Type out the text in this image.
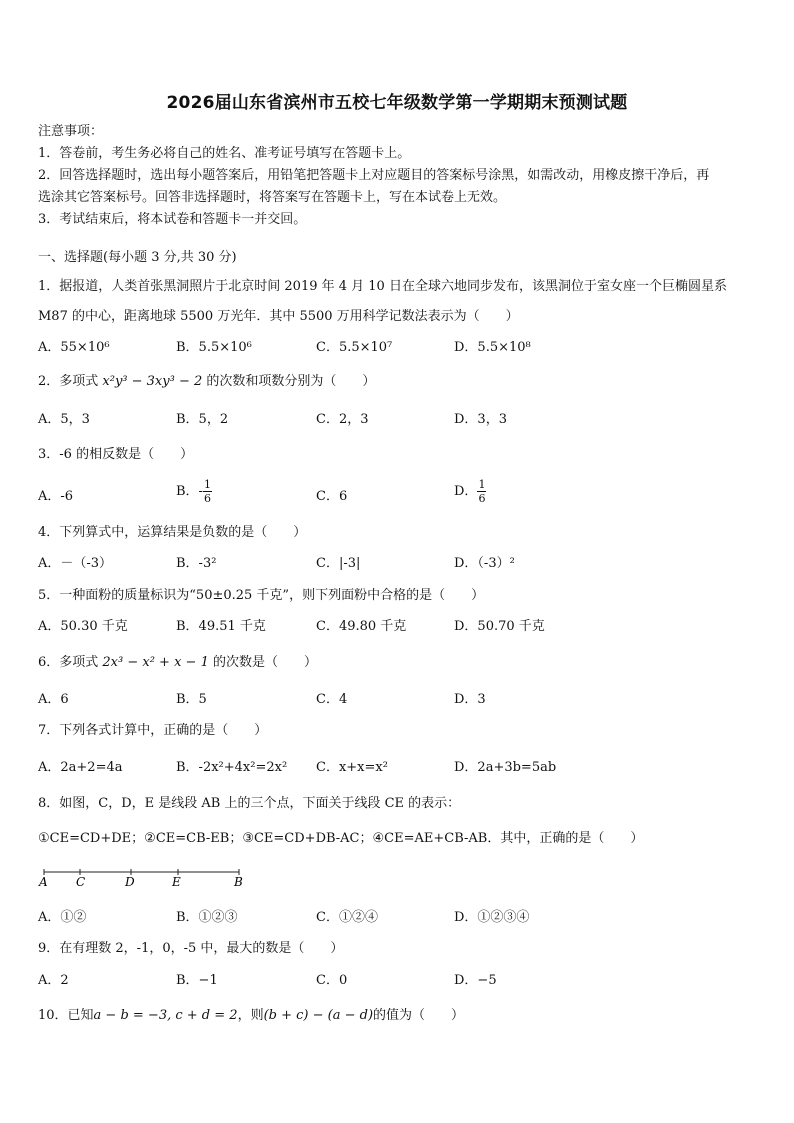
2026届山东省滨州市五校七年级数学第一学期期末预测试题
注意事项：
1．答卷前，考生务必将自己的姓名、准考证号填写在答题卡上。
2．回答选择题时，选出每小题答案后，用铅笔把答题卡上对应题目的答案标号涂黑，如需改动，用橡皮擦干净后，再
选涂其它答案标号。回答非选择题时，将答案写在答题卡上，写在本试卷上无效。
3．考试结束后，将本试卷和答题卡一并交回。
一、选择题(每小题 3 分,共 30 分)
1．据报道，人类首张黑洞照片于北京时间 2019 年 4 月 10 日在全球六地同步发布，该黑洞位于室女座一个巨椭圆星系
M87 的中心，距离地球 5500 万光年．其中 5500 万用科学记数法表示为（　　）
A．55×10⁶	B．5.5×10⁶	C．5.5×10⁷	D．5.5×10⁸
2．多项式 x²y³ − 3xy³ − 2 的次数和项数分别为（　　）
A．5，3	B．5，2	C．2，3	D．3，3
3．-6 的相反数是（　　）
A．-6	B．- $\frac{1}{6}$	C．6	D． $\frac{1}{6}$
4．下列算式中，运算结果是负数的是（　　）
A．－（-3）	B．-3²	C．|-3|	D．（-3）²
5．一种面粉的质量标识为“50±0.25 千克”，则下列面粉中合格的是（　　）
A．50.30 千克	B．49.51 千克	C．49.80 千克	D．50.70 千克
6．多项式 2x³ − x² + x − 1 的次数是（　　）
A．6	B．5	C．4	D．3
7．下列各式计算中，正确的是（　　）
A．2a+2=4a	B．-2x²+4x²=2x² C．x+x=x²	D．2a+3b=5ab
8．如图，C，D，E 是线段 AB 上的三个点，下面关于线段 CE 的表示：
①CE=CD+DE；②CE=CB-EB；③CE=CD+DB-AC；④CE=AE+CB-AB．其中，正确的是（　　）
A C	D	E	B
A．①②	B．①②③	C．①②④	D．①②③④
9．在有理数 2，-1，0，-5 中，最大的数是（　　）
A．2	B．−1	C．0	D．−5
10．已知a − b = −3, c + d = 2，则(b + c) − (a − d)的值为（　　）
